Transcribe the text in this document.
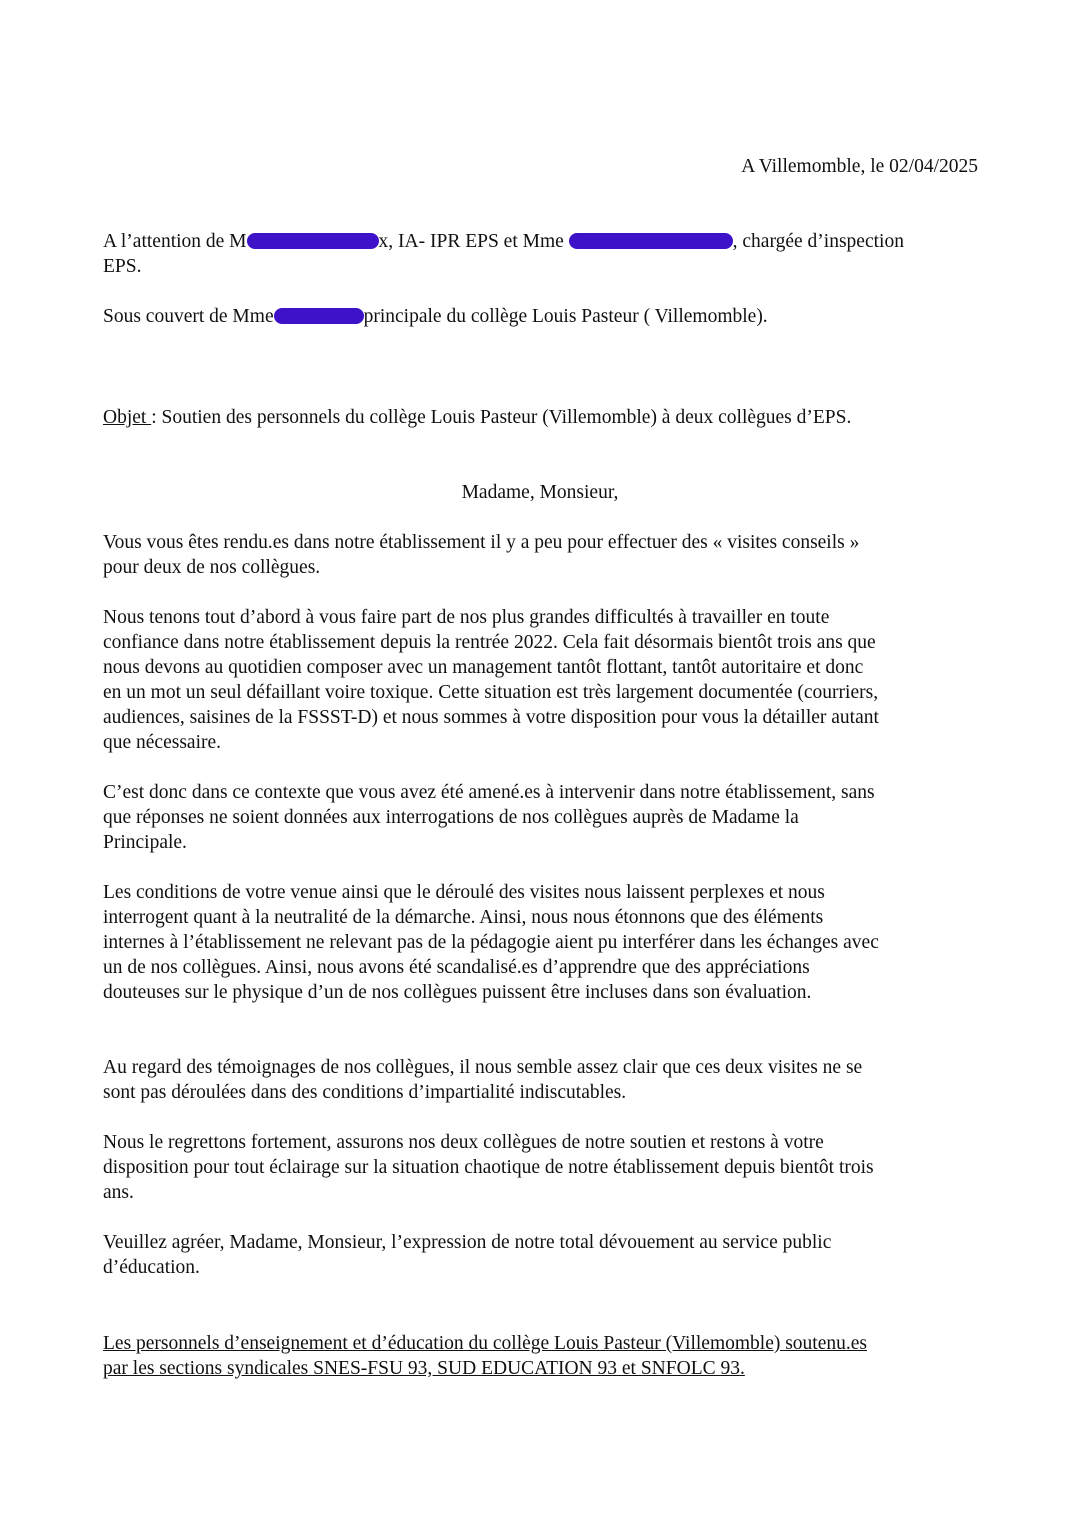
A Villemomble, le 02/04/2025
A l’attention de M	x, IA- IPR EPS et Mme	, chargée d’inspection
EPS.
Sous couvert de Mme	principale du collège Louis Pasteur ( Villemomble).
Objet : Soutien des personnels du collège Louis Pasteur (Villemomble) à deux collègues d’EPS.
Madame, Monsieur,
Vous vous êtes rendu.es dans notre établissement il y a peu pour effectuer des « visites conseils »
pour deux de nos collègues.
Nous tenons tout d’abord à vous faire part de nos plus grandes difficultés à travailler en toute
confiance dans notre établissement depuis la rentrée 2022. Cela fait désormais bientôt trois ans que
nous devons au quotidien composer avec un management tantôt flottant, tantôt autoritaire et donc
en un mot un seul défaillant voire toxique. Cette situation est très largement documentée (courriers,
audiences, saisines de la FSSST-D) et nous sommes à votre disposition pour vous la détailler autant
que nécessaire.
C’est donc dans ce contexte que vous avez été amené.es à intervenir dans notre établissement, sans
que réponses ne soient données aux interrogations de nos collègues auprès de Madame la
Principale.
Les conditions de votre venue ainsi que le déroulé des visites nous laissent perplexes et nous
interrogent quant à la neutralité de la démarche. Ainsi, nous nous étonnons que des éléments
internes à l’établissement ne relevant pas de la pédagogie aient pu interférer dans les échanges avec
un de nos collègues. Ainsi, nous avons été scandalisé.es d’apprendre que des appréciations
douteuses sur le physique d’un de nos collègues puissent être incluses dans son évaluation.
Au regard des témoignages de nos collègues, il nous semble assez clair que ces deux visites ne se
sont pas déroulées dans des conditions d’impartialité indiscutables.
Nous le regrettons fortement, assurons nos deux collègues de notre soutien et restons à votre
disposition pour tout éclairage sur la situation chaotique de notre établissement depuis bientôt trois
ans.
Veuillez agréer, Madame, Monsieur, l’expression de notre total dévouement au service public
d’éducation.
Les personnels d’enseignement et d’éducation du collège Louis Pasteur (Villemomble) soutenu.es
par les sections syndicales SNES-FSU 93, SUD EDUCATION 93 et SNFOLC 93.
